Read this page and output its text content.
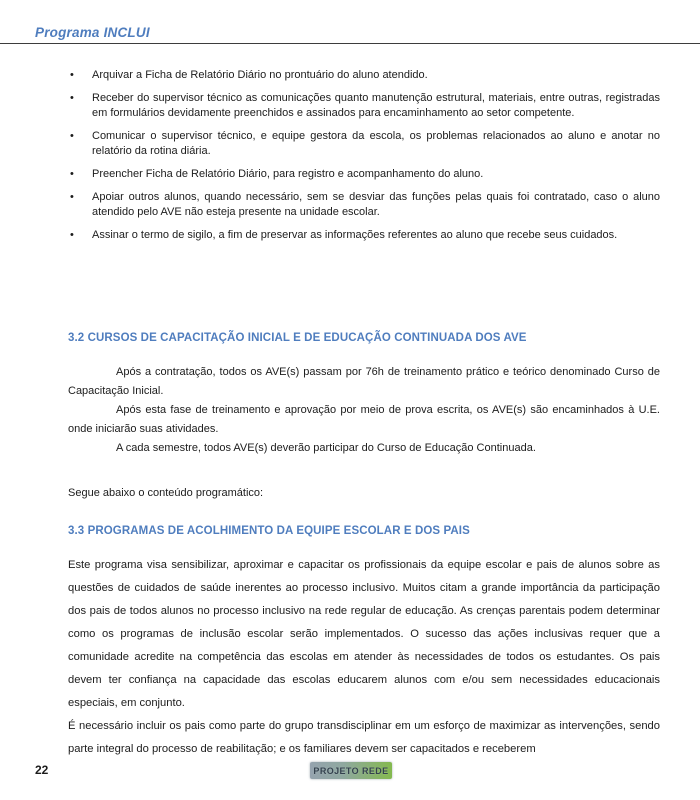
Programa INCLUI
• Arquivar a Ficha de Relatório Diário no prontuário do aluno atendido.
• Receber do supervisor técnico as comunicações quanto manutenção estrutural, materiais, entre outras, registradas em formulários devidamente preenchidos e assinados para encaminhamento ao setor competente.
• Comunicar o supervisor técnico, e equipe gestora da escola, os problemas relacionados ao aluno e anotar no relatório da rotina diária.
• Preencher Ficha de Relatório Diário, para registro e acompanhamento do aluno.
• Apoiar outros alunos, quando necessário, sem se desviar das funções pelas quais foi contratado, caso o aluno atendido pelo AVE não esteja presente na unidade escolar.
• Assinar o termo de sigilo, a fim de preservar as informações referentes ao aluno que recebe seus cuidados.
3.2 CURSOS DE CAPACITAÇÃO INICIAL E DE EDUCAÇÃO CONTINUADA DOS AVE

Após a contratação, todos os AVE(s) passam por 76h de treinamento prático e teórico denominado Curso de Capacitação Inicial.

Após esta fase de treinamento e aprovação por meio de prova escrita, os AVE(s) são encaminhados à U.E. onde iniciarão suas atividades.

A cada semestre, todos AVE(s) deverão participar do Curso de Educação Continuada.

Segue abaixo o conteúdo programático:
3.3 PROGRAMAS DE ACOLHIMENTO DA EQUIPE ESCOLAR E DOS PAIS

Este programa visa sensibilizar, aproximar e capacitar os profissionais da equipe escolar e pais de alunos sobre as questões de cuidados de saúde inerentes ao processo inclusivo. Muitos citam a grande importância da participação dos pais de todos alunos no processo inclusivo na rede regular de educação. As crenças parentais podem determinar como os programas de inclusão escolar serão implementados. O sucesso das ações inclusivas requer que a comunidade acredite na competência das escolas em atender às necessidades de todos os estudantes. Os pais devem ter confiança na capacidade das escolas educarem alunos com e/ou sem necessidades educacionais especiais, em conjunto.

É necessário incluir os pais como parte do grupo transdisciplinar em um esforço de maximizar as intervenções, sendo parte integral do processo de reabilitação; e os familiares devem ser capacitados e receberem

22	PROJETO REDE
